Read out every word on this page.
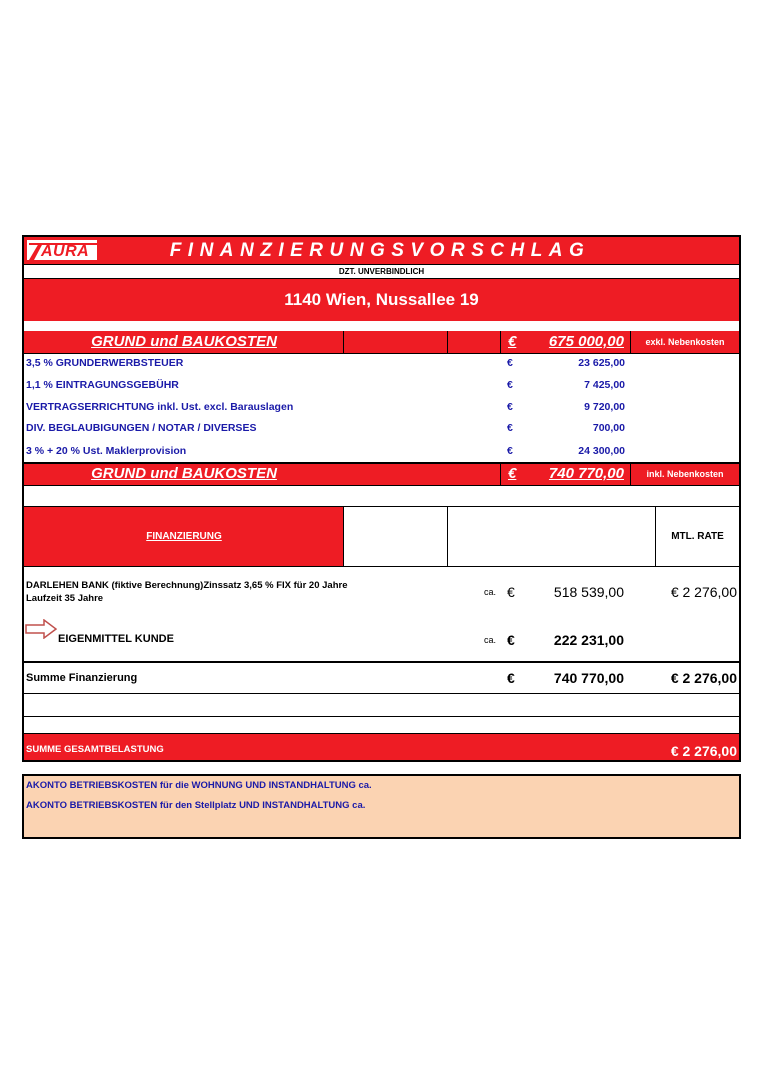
AURA	FINANZIERUNGSVORSCHLAG
DZT. UNVERBINDLICH
1140 Wien, Nussallee 19
GRUND und BAUKOSTEN	€	675 000,00	exkl. Nebenkosten
3,5 % GRUNDERWERBSTEUER	€	23 625,00
1,1 % EINTRAGUNGSGEBÜHR	€	7 425,00
VERTRAGSERRICHTUNG inkl. Ust. excl. Barauslagen	€	9 720,00
DIV. BEGLAUBIGUNGEN / NOTAR / DIVERSES	€	700,00
3 % + 20 % Ust. Maklerprovision	€	24 300,00
GRUND und BAUKOSTEN	€	740 770,00	inkl. Nebenkosten
FINANZIERUNG	MTL. RATE
DARLEHEN BANK (fiktive Berechnung)Zinssatz 3,65 % FIX für 20 Jahre
Laufzeit 35 Jahre
ca. €	518 539,00	€ 2 276,00
EIGENMITTEL KUNDE	ca. €	222 231,00
Summe Finanzierung	€	740 770,00	€ 2 276,00
SUMME GESAMTBELASTUNG	€ 2 276,00
AKONTO BETRIEBSKOSTEN für die WOHNUNG UND INSTANDHALTUNG ca.
AKONTO BETRIEBSKOSTEN für den Stellplatz UND INSTANDHALTUNG ca.
